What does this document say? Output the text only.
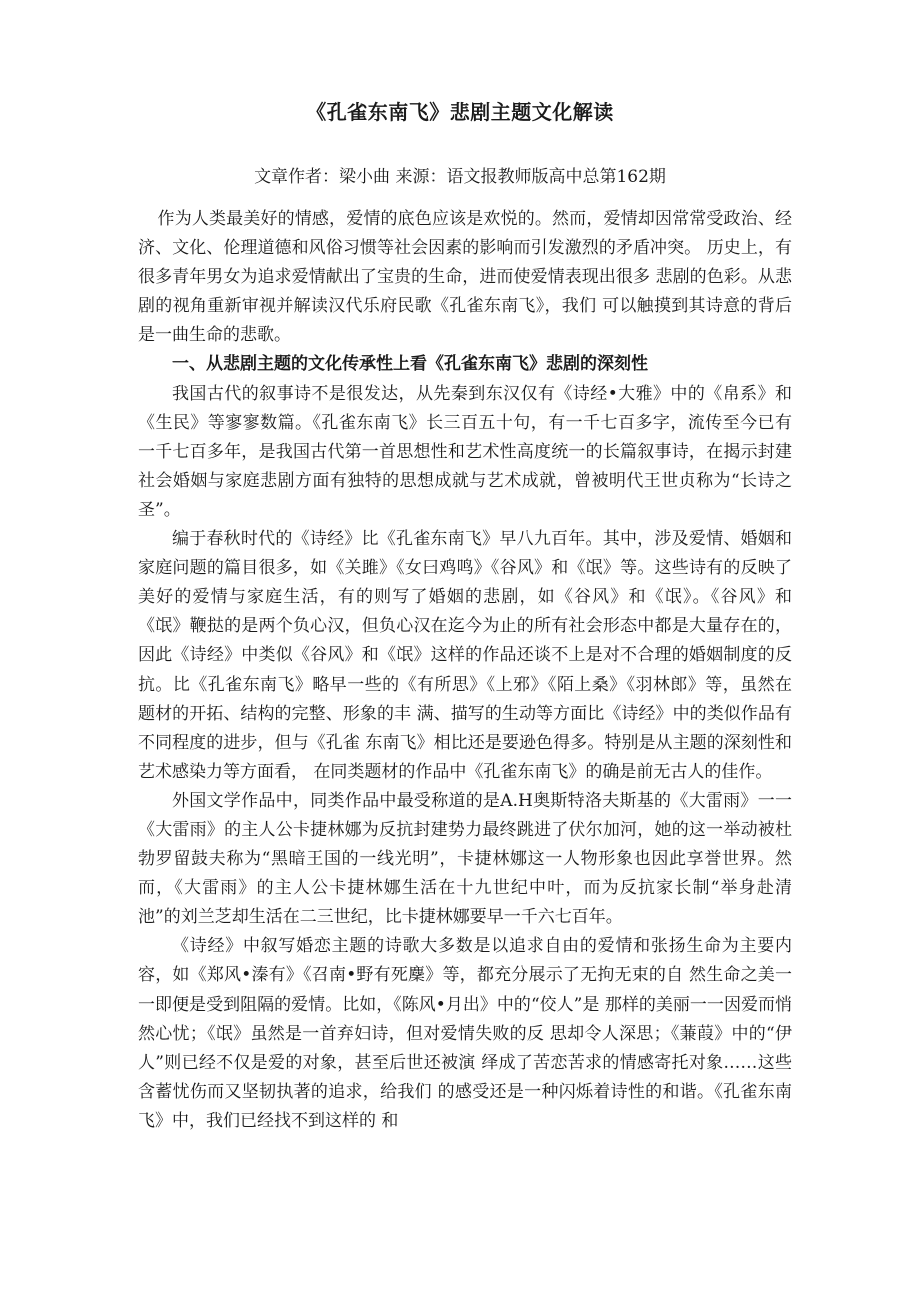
《孔雀东南飞》悲剧主题文化解读
文章作者：梁小曲 来源：语文报教师版高中总第162期

作为人类最美好的情感，爱情的底色应该是欢悦的。然而，爱情却因常常受政治、经济、文化、伦理道德和风俗习惯等社会因素的影响而引发激烈的矛盾冲突。 历史上，有很多青年男女为追求爱情献出了宝贵的生命，进而使爱情表现出很多 悲剧的色彩。从悲剧的视角重新审视并解读汉代乐府民歌《孔雀东南飞》，我们 可以触摸到其诗意的背后是一曲生命的悲歌。

一、从悲剧主题的文化传承性上看《孔雀东南飞》悲剧的深刻性

我国古代的叙事诗不是很发达，从先秦到东汉仅有《诗经•大雅》中的《帛系》和《生民》等寥寥数篇。《孔雀东南飞》长三百五十句，有一千七百多字，流传至今已有一千七百多年，是我国古代第一首思想性和艺术性高度统一的长篇叙事诗，在揭示封建社会婚姻与家庭悲剧方面有独特的思想成就与艺术成就，曾被明代王世贞称为“长诗之圣”。

编于春秋时代的《诗经》比《孔雀东南飞》早八九百年。其中，涉及爱情、婚姻和家庭问题的篇目很多，如《关雎》《女曰鸡鸣》《谷风》和《氓》等。这些诗有的反映了美好的爱情与家庭生活，有的则写了婚姻的悲剧，如《谷风》和《氓》。《谷风》和《氓》鞭挞的是两个负心汉，但负心汉在迄今为止的所有社会形态中都是大量存在的，因此《诗经》中类似《谷风》和《氓》这样的作品还谈不上是对不合理的婚姻制度的反抗。比《孔雀东南飞》略早一些的《有所思》《上邪》《陌上桑》《羽林郎》等，虽然在题材的开拓、结构的完整、形象的丰 满、描写的生动等方面比《诗经》中的类似作品有不同程度的进步，但与《孔雀 东南飞》相比还是要逊色得多。特别是从主题的深刻性和艺术感染力等方面看， 在同类题材的作品中《孔雀东南飞》的确是前无古人的佳作。

外国文学作品中，同类作品中最受称道的是A.H奥斯特洛夫斯基的《大雷雨》一一《大雷雨》的主人公卡捷林娜为反抗封建势力最终跳进了伏尔加河，她的这一举动被杜勃罗留鼓夫称为“黑暗王国的一线光明”，卡捷林娜这一人物形象也因此享誉世界。然而，《大雷雨》的主人公卡捷林娜生活在十九世纪中叶，而为反抗家长制“举身赴清池”的刘兰芝却生活在二三世纪，比卡捷林娜要早一千六七百年。

《诗经》中叙写婚恋主题的诗歌大多数是以追求自由的爱情和张扬生命为主要内容，如《郑风•溱有》《召南•野有死麇》等，都充分展示了无拘无束的自 然生命之美一一即便是受到阻隔的爱情。比如，《陈风•月出》中的“佼人”是 那样的美丽一一因爱而悄然心忧；《氓》虽然是一首弃妇诗，但对爱情失败的反 思却令人深思；《蒹葭》中的“伊人”则已经不仅是爱的对象，甚至后世还被演 绎成了苦恋苦求的情感寄托对象……这些含蓄忧伤而又坚韧执著的追求，给我们 的感受还是一种闪烁着诗性的和谐。《孔雀东南飞》中，我们已经找不到这样的 和
